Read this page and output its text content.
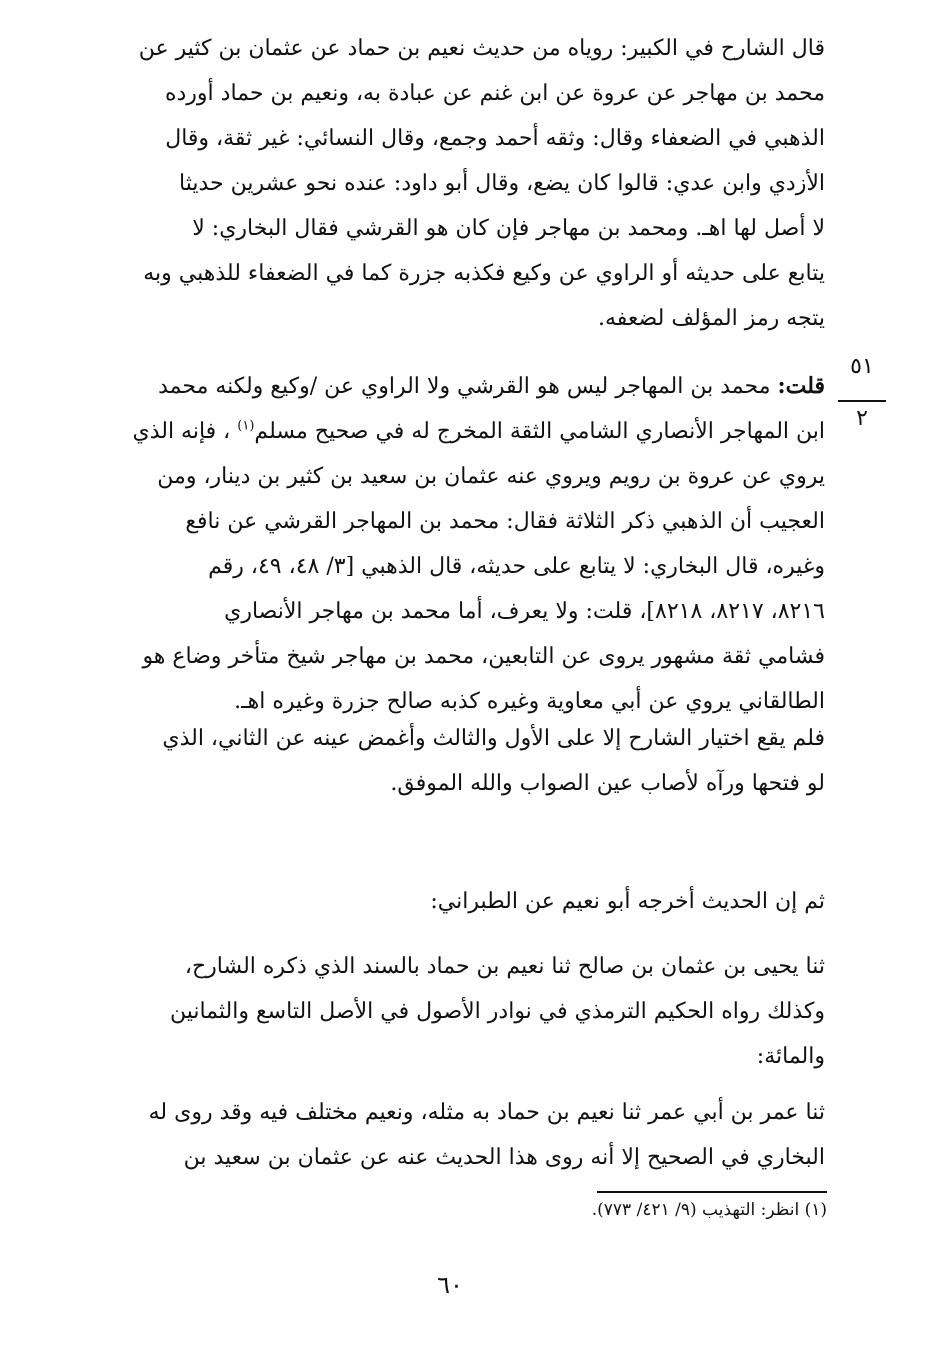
قال الشارح في الكبير: روياه من حديث نعيم بن حماد عن عثمان بن كثير عن
محمد بن مهاجر عن عروة عن ابن غنم عن عبادة به، ونعيم بن حماد أورده
الذهبي في الضعفاء وقال: وثقه أحمد وجمع، وقال النسائي: غير ثقة، وقال
الأزدي وابن عدي: قالوا كان يضع، وقال أبو داود: عنده نحو عشرين حديثا
لا أصل لها اهـ. ومحمد بن مهاجر فإن كان هو القرشي فقال البخاري: لا
يتابع على حديثه أو الراوي عن وكيع فكذبه جزرة كما في الضعفاء للذهبي وبه
يتجه رمز المؤلف لضعفه.
٥١
٢
قلت: محمد بن المهاجر ليس هو القرشي ولا الراوي عن /وكيع ولكنه محمد
ابن المهاجر الأنصاري الشامي الثقة المخرج له في صحيح مسلم$^{(١)}$ ، فإنه الذي
يروي عن عروة بن رويم ويروي عنه عثمان بن سعيد بن كثير بن دينار، ومن
العجيب أن الذهبي ذكر الثلاثة فقال: محمد بن المهاجر القرشي عن نافع
وغيره، قال البخاري: لا يتابع على حديثه، قال الذهبي [٣/ ٤٨، ٤٩، رقم
٨٢١٦، ٨٢١٧، ٨٢١٨]، قلت: ولا يعرف، أما محمد بن مهاجر الأنصاري
فشامي ثقة مشهور يروى عن التابعين، محمد بن مهاجر شيخ متأخر وضاع هو
الطالقاني يروي عن أبي معاوية وغيره كذبه صالح جزرة وغيره اهـ.
فلم يقع اختيار الشارح إلا على الأول والثالث وأغمض عينه عن الثاني، الذي
لو فتحها ورآه لأصاب عين الصواب والله الموفق.
ثم إن الحديث أخرجه أبو نعيم عن الطبراني:
ثنا يحيى بن عثمان بن صالح ثنا نعيم بن حماد بالسند الذي ذكره الشارح،
وكذلك رواه الحكيم الترمذي في نوادر الأصول في الأصل التاسع والثمانين
والمائة:
ثنا عمر بن أبي عمر ثنا نعيم بن حماد به مثله، ونعيم مختلف فيه وقد روى له
البخاري في الصحيح إلا أنه روى هذا الحديث عنه عن عثمان بن سعيد بن
(١) انظر: التهذيب (٩/ ٤٢١/ ٧٧٣).
٦٠
